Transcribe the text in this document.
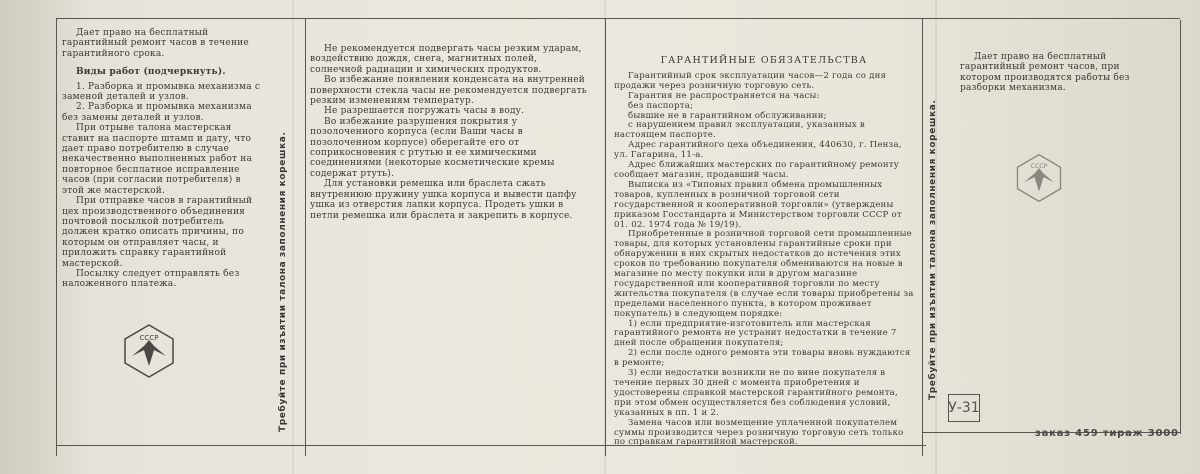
Дает право на бесплатный гарантийный ремонт часов в течение гарантийного срока.

Виды работ (подчеркнуть).

1. Разборка и промывка механизма с заменой деталей и узлов.

2. Разборка и промывка механизма без замены деталей и узлов.

При отрыве талона мастерская ставит на паспорте штамп и дату, что дает право потребителю в случае некачественно выполненных работ на повторное бесплатное исправление часов (при согласии потребителя) в этой же мастерской.

При отправке часов в гарантийный цех производственного объединения почтовой посылкой потребитель должен кратко описать причины, по которым он отправляет часы, и приложить справку гарантийной мастерской.

Посылку следует отправлять без наложенного платежа.

СССР	Требуйте при изъятии талона заполнения корешка.

Не рекомендуется подвергать часы резким ударам, воздействию дождя, снега, магнитных полей, солнечной радиации и химических продуктов.

Во избежание появления конденсата на внутренней поверхности стекла часы не рекомендуется подвергать резким изменениям температур.

Не разрешается погружать часы в воду.

Во избежание разрушения покрытия у позолоченного корпуса (если Ваши часы в позолоченном корпусе) оберегайте его от соприкосновения с ртутью и ее химическими соединениями (некоторые косметические кремы содержат ртуть).

Для установки ремешка или браслета сжать внутреннюю пружину ушка корпуса и вывести цапфу ушка из отверстия лапки корпуса. Продеть ушки в петли ремешка или браслета и закрепить в корпусе.

ГАРАНТИЙНЫЕ ОБЯЗАТЕЛЬСТВА

Гарантийный срок эксплуатации часов—2 года со дня продажи через розничную торговую сеть.

Гарантия не распространяется на часы:

без паспорта;

бывшие не в гарантийном обслуживании;

с нарушением правил эксплуатации, указанных в настоящем паспорте.

Адрес гарантийного цеха объединения, 440630, г. Пенза, ул. Гагарина, 11-а.

Адрес ближайших мастерских по гарантийному ремонту сообщает магазин, продавший часы.

Выписка из «Типовых правил обмена промышленных товаров, купленных в розничной торговой сети государственной и кооперативной торговли» (утверждены приказом Госстандарта и Министерством торговли СССР от 01. 02. 1974 года № 19/19).

Приобретенные в розничной торговой сети промышленные товары, для которых установлены гарантийные сроки при обнаружении в них скрытых недостатков до истечения этих сроков по требованию покупателя обмениваются на новые в магазине по месту покупки или в другом магазине государственной или кооперативной торговли по месту жительства покупателя (в случае если товары приобретены за пределами населенного пункта, в котором проживает покупатель) в следующем порядке:

1) если предприятие-изготовитель или мастерская гарантийного ремонта не устранит недостатки в течение 7 дней после обращения покупателя;

2) если после одного ремонта эти товары вновь нуждаются в ремонте;

3) если недостатки возникли не по вине покупателя в течение первых 30 дней с момента приобретения и удостоверены справкой мастерской гарантийного ремонта, при этом обмен осуществляется без соблюдения условий, указанных в пп. 1 и 2.

Замена часов или возмещение уплаченной покупателем суммы производится через розничную торговую сеть только по справкам гарантийной мастерской.

Дает право на бесплатный гарантийный ремонт часов, при котором производятся работы без разборки механизма.

Требуйте при изъятии талона заполнения корешка.	СССР
У-31
заказ 459 тираж 3000
